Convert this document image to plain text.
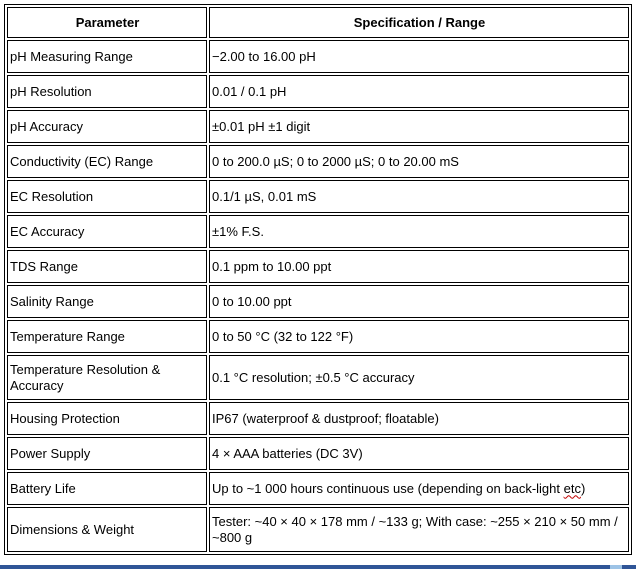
Parameter	Specification / Range
pH Measuring Range	−2.00 to 16.00 pH
pH Resolution	0.01 / 0.1 pH
pH Accuracy	±0.01 pH ±1 digit
Conductivity (EC) Range	0 to 200.0 µS; 0 to 2000 µS; 0 to 20.00 mS
EC Resolution	0.1/1 µS, 0.01 mS
EC Accuracy	±1% F.S.
TDS Range	0.1 ppm to 10.00 ppt
Salinity Range	0 to 10.00 ppt
Temperature Range	0 to 50 °C (32 to 122 °F)
Temperature Resolution & Accuracy	0.1 °C resolution; ±0.5 °C accuracy
Housing Protection	IP67 (waterproof & dustproof; floatable)
Power Supply	4 × AAA batteries (DC 3V)
Battery Life	Up to ~1 000 hours continuous use (depending on back-light etc)
Dimensions & Weight	Tester: ~40 × 40 × 178 mm / ~133 g; With case: ~255 × 210 × 50 mm / ~800 g
